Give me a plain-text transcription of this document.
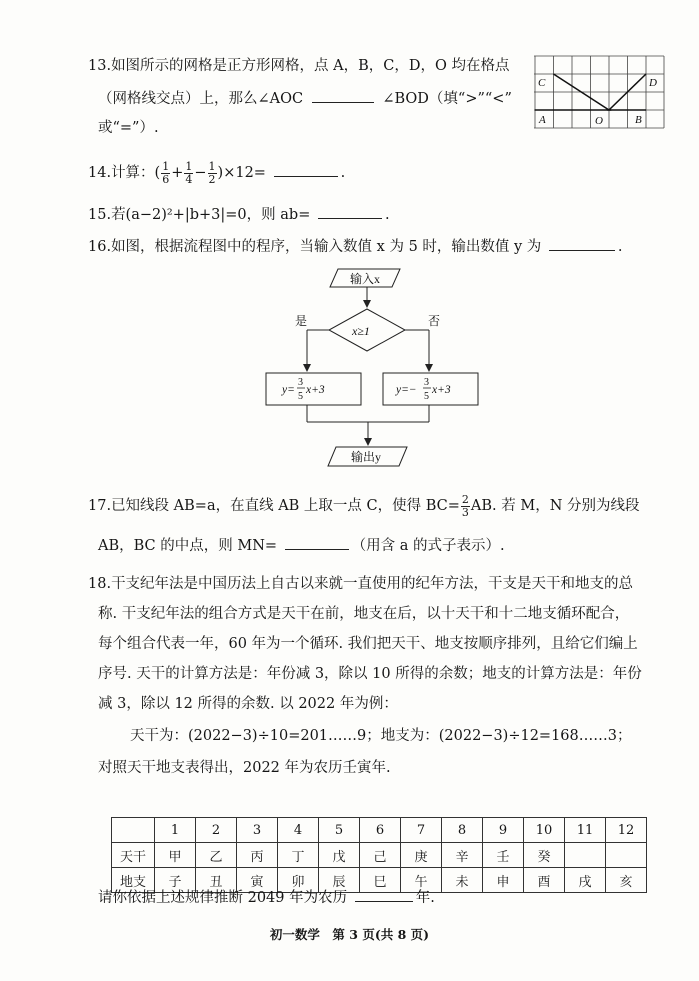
13.如图所示的网格是正方形网格，点 A，B，C，D，O 均在格点
（网格线交点）上，那么∠AOC	∠BOD（填“>”“<”
或“=”）.
C	D
A	O	B
14.计算：( $\frac{1}{6} + \frac{1}{4} - \frac{1}{2} )\times 12=$	.
15.若(a−2)²+|b+3|=0，则 ab=	.
16.如图，根据流程图中的程序，当输入数值 x 为 5 时，输出数值 y 为	.
输入x
x≥1
是	否
输出y
y=
3
5
x+3	y=−
3
5
x+3
17.已知线段 AB=a，在直线 AB 上取一点 C，使得 $BC= \frac{2}{3}$ AB. 若 M，N 分别为线段
AB，BC 的中点，则 MN=	（用含 a 的式子表示）.
18.干支纪年法是中国历法上自古以来就一直使用的纪年方法，干支是天干和地支的总
称. 干支纪年法的组合方式是天干在前，地支在后，以十天干和十二地支循环配合，
每个组合代表一年，60 年为一个循环. 我们把天干、地支按顺序排列，且给它们编上
序号. 天干的计算方法是：年份减 3，除以 10 所得的余数；地支的计算方法是：年份
减 3，除以 12 所得的余数. 以 2022 年为例：
天干为：(2022−3)÷10=201……9；地支为：(2022−3)÷12=168……3；
对照天干地支表得出，2022 年为农历壬寅年.
	1	2	3	4	5	6	7	8	9	10	11	12
天干	甲	乙	丙	丁	戊	己	庚	辛	壬	癸		
地支	子	丑	寅	卯	辰	巳	午	未	申	酉	戌	亥
请你依据上述规律推断 2049 年为农历	年.
初一数学　第 3 页(共 8 页)
